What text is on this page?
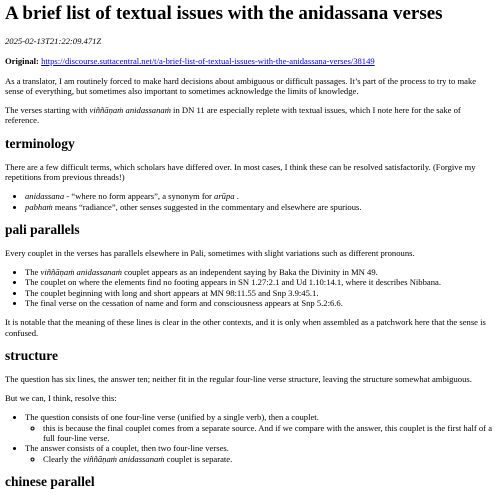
A brief list of textual issues with the anidassana verses

2025-02-13T21:22:09.471Z

Original: https://discourse.suttacentral.net/t/a-brief-list-of-textual-issues-with-the-anidassana-verses/38149

As a translator, I am routinely forced to make hard decisions about ambiguous or difficult passages. It’s part of the process to try to make sense of everything, but sometimes also important to sometimes acknowledge the limits of knowledge.

The verses starting with viññāṇaṁ anidassanaṁ in DN 11 are especially replete with textual issues, which I note here for the sake of reference.

terminology

There are a few difficult terms, which scholars have differed over. In most cases, I think these can be resolved satisfactorily. (Forgive my repetitions from previous threads!)

• anidassana - “where no form appears”, a synonym for arūpa .
• pabhaṁ means “radiance”, other senses suggested in the commentary and elsewhere are spurious.
pali parallels

Every couplet in the verses has parallels elsewhere in Pali, sometimes with slight variations such as different pronouns.

• The viññāṇaṁ anidassanaṁ couplet appears as an independent saying by Baka the Divinity in MN 49.
• The couplet on where the elements find no footing appears in SN 1.27:2.1 and Ud 1.10:14.1, where it describes Nibbana.
• The couplet beginning with long and short appears at MN 98:11.55 and Snp 3.9:45.1.
• The final verse on the cessation of name and form and consciousness appears at Snp 5.2:6.6.

It is notable that the meaning of these lines is clear in the other contexts, and it is only when assembled as a patchwork here that the sense is confused.

structure

The question has six lines, the answer ten; neither fit in the regular four-line verse structure, leaving the structure somewhat ambiguous.

But we can, I think, resolve this:

• The question consists of one four-line verse (unified by a single verb), then a couplet.
◦ this is because the final couplet comes from a separate source. And if we compare with the answer, this couplet is the first half of a full four-line verse.
• The answer consists of a couplet, then two four-line verses.
◦ Clearly the viññāṇaṁ anidassanaṁ couplet is separate.
chinese parallel
